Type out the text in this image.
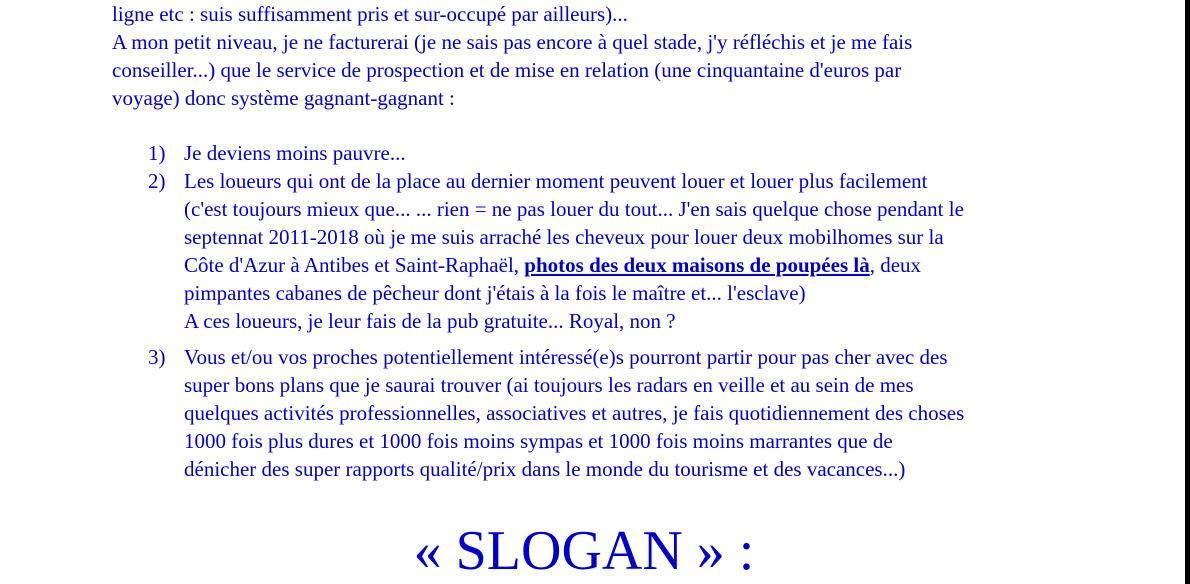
ligne etc : suis suffisamment pris et sur-occupé par ailleurs)...
A mon petit niveau, je ne facturerai (je ne sais pas encore à quel stade, j'y réfléchis et je me fais
conseiller...) que le service de prospection et de mise en relation (une cinquantaine d'euros par
voyage) donc système gagnant-gagnant :

1) Je deviens moins pauvre...
2) Les loueurs qui ont de la place au dernier moment peuvent louer et louer plus facilement
(c'est toujours mieux que... ... rien = ne pas louer du tout... J'en sais quelque chose pendant le
septennat 2011-2018 où je me suis arraché les cheveux pour louer deux mobilhomes sur la
Côte d'Azur à Antibes et Saint-Raphaël, photos des deux maisons de poupées là, deux
pimpantes cabanes de pêcheur dont j'étais à la fois le maître et... l'esclave)
A ces loueurs, je leur fais de la pub gratuite... Royal, non ?
3) Vous et/ou vos proches potentiellement intéressé(e)s pourront partir pour pas cher avec des
super bons plans que je saurai trouver (ai toujours les radars en veille et au sein de mes
quelques activités professionnelles, associatives et autres, je fais quotidiennement des choses
1000 fois plus dures et 1000 fois moins sympas et 1000 fois moins marrantes que de
dénicher des super rapports qualité/prix dans le monde du tourisme et des vacances...)
« SLOGAN » :
